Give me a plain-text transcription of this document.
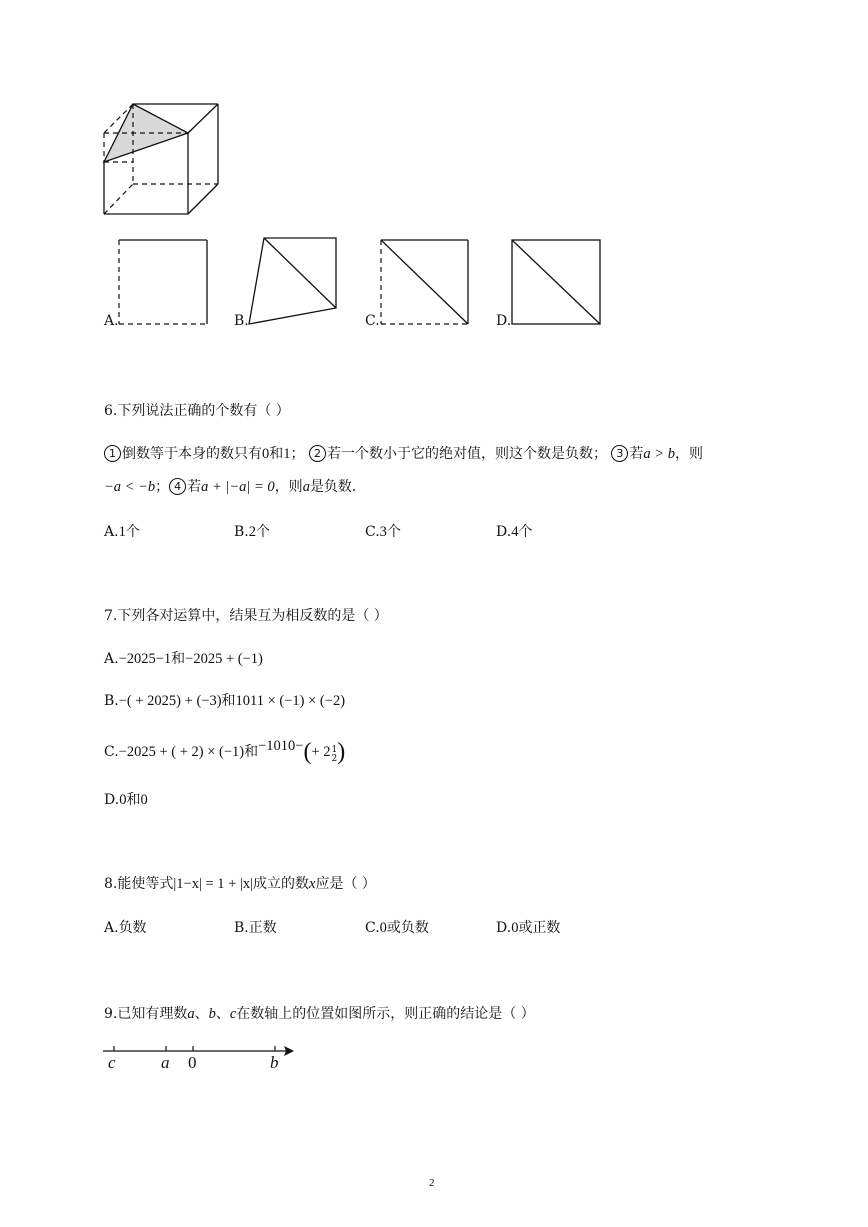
A.	B.	C.	D.
6.下列说法正确的个数有（ ）
1 倒数等于本身的数只有0和1； 2 若一个数小于它的绝对值，则这个数是负数； 3 若a > b，则
−a < −b； 4 若a + |−a| = 0，则a是负数．
A.1个	B.2个	C.3个	D.4个
7.下列各对运算中，结果互为相反数的是（ ）
A.−2025−1和−2025 + (−1)
B.−( + 2025) + (−3)和1011 × (−1) × (−2)
C.−2025 + ( + 2) × (−1)和−1010−(+ 2 1
2 )
D.0和0
8.能使等式|1−x| = 1 + |x|成立的数x应是（ ）
A.负数	B.正数	C.0或负数	D.0或正数
9.已知有理数a、b、c在数轴上的位置如图所示，则正确的结论是（ ）
c	a 0	b
2
